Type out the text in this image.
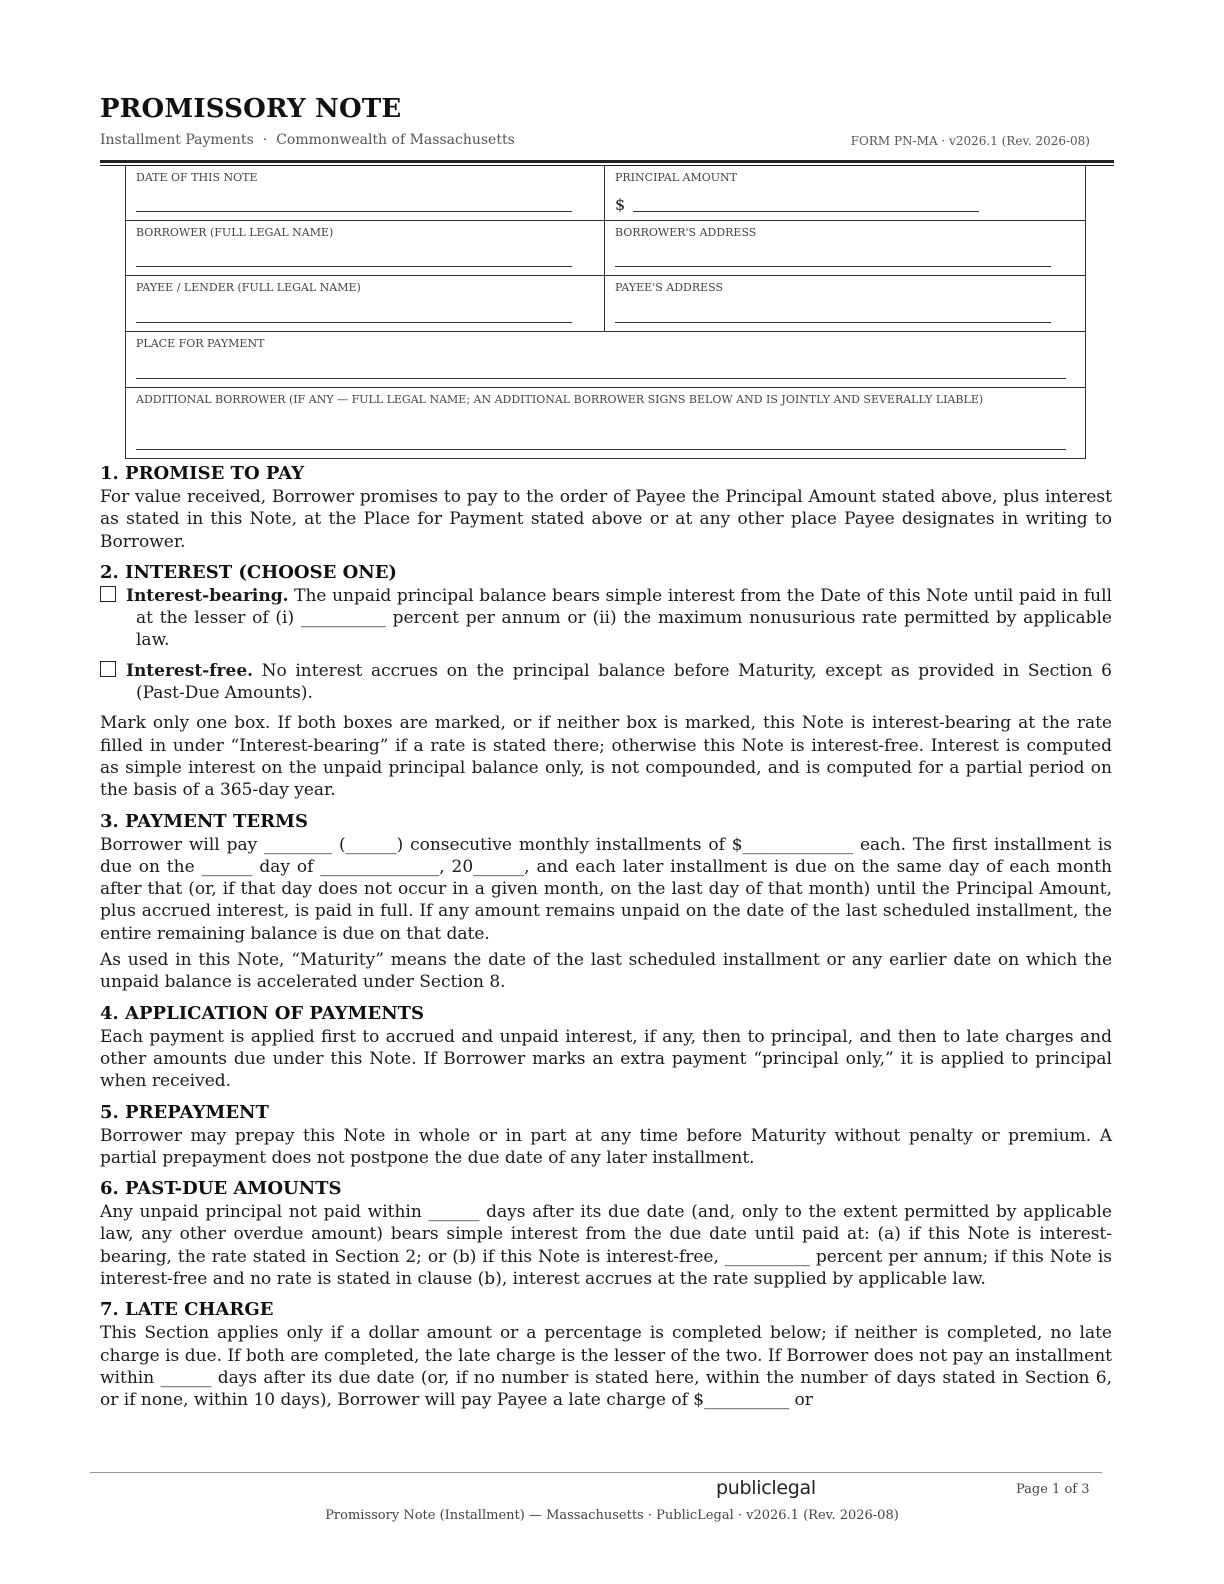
PROMISSORY NOTE
Installment Payments · Commonwealth of Massachusetts	FORM PN-MA · v2026.1 (Rev. 2026-08)
DATE OF THIS NOTE	PRINCIPAL AMOUNT
$
BORROWER (FULL LEGAL NAME)	BORROWER'S ADDRESS
PAYEE / LENDER (FULL LEGAL NAME)	PAYEE'S ADDRESS
PLACE FOR PAYMENT
ADDITIONAL BORROWER (IF ANY — FULL LEGAL NAME; AN ADDITIONAL BORROWER SIGNS BELOW AND IS JOINTLY AND SEVERALLY LIABLE)
1. PROMISE TO PAY

For value received, Borrower promises to pay to the order of Payee the Principal Amount stated above, plus interest as stated in this Note, at the Place for Payment stated above or at any other place Payee designates in writing to Borrower.

2. INTEREST (CHOOSE ONE)

Interest-bearing. The unpaid principal balance bears simple interest from the Date of this Note until paid in full at the lesser of (i) __________ percent per annum or (ii) the maximum nonusurious rate permitted by applicable law.

Interest-free. No interest accrues on the principal balance before Maturity, except as provided in Section 6 (Past-Due Amounts).

Mark only one box. If both boxes are marked, or if neither box is marked, this Note is interest-bearing at the rate filled in under “Interest-bearing” if a rate is stated there; otherwise this Note is interest-free. Interest is computed as simple interest on the unpaid principal balance only, is not compounded, and is computed for a partial period on the basis of a 365-day year.

3. PAYMENT TERMS

Borrower will pay ________ (______) consecutive monthly installments of $_____________ each. The first installment is due on the ______ day of ______________, 20______, and each later installment is due on the same day of each month after that (or, if that day does not occur in a given month, on the last day of that month) until the Principal Amount, plus accrued interest, is paid in full. If any amount remains unpaid on the date of the last scheduled installment, the entire remaining balance is due on that date.

As used in this Note, “Maturity” means the date of the last scheduled installment or any earlier date on which the unpaid balance is accelerated under Section 8.

4. APPLICATION OF PAYMENTS

Each payment is applied first to accrued and unpaid interest, if any, then to principal, and then to late charges and other amounts due under this Note. If Borrower marks an extra payment “principal only,” it is applied to principal when received.

5. PREPAYMENT

Borrower may prepay this Note in whole or in part at any time before Maturity without penalty or premium. A partial prepayment does not postpone the due date of any later installment.

6. PAST-DUE AMOUNTS

Any unpaid principal not paid within ______ days after its due date (and, only to the extent permitted by applicable law, any other overdue amount) bears simple interest from the due date until paid at: (a) if this Note is interest-bearing, the rate stated in Section 2; or (b) if this Note is interest-free, __________ percent per annum; if this Note is interest-free and no rate is stated in clause (b), interest accrues at the rate supplied by applicable law.

7. LATE CHARGE

This Section applies only if a dollar amount or a percentage is completed below; if neither is completed, no late charge is due. If both are completed, the late charge is the lesser of the two. If Borrower does not pay an installment within ______ days after its due date (or, if no number is stated here, within the number of days stated in Section 6, or if none, within 10 days), Borrower will pay Payee a late charge of $__________ or

publiclegal	Page 1 of 3
Promissory Note (Installment) — Massachusetts · PublicLegal · v2026.1 (Rev. 2026-08)
